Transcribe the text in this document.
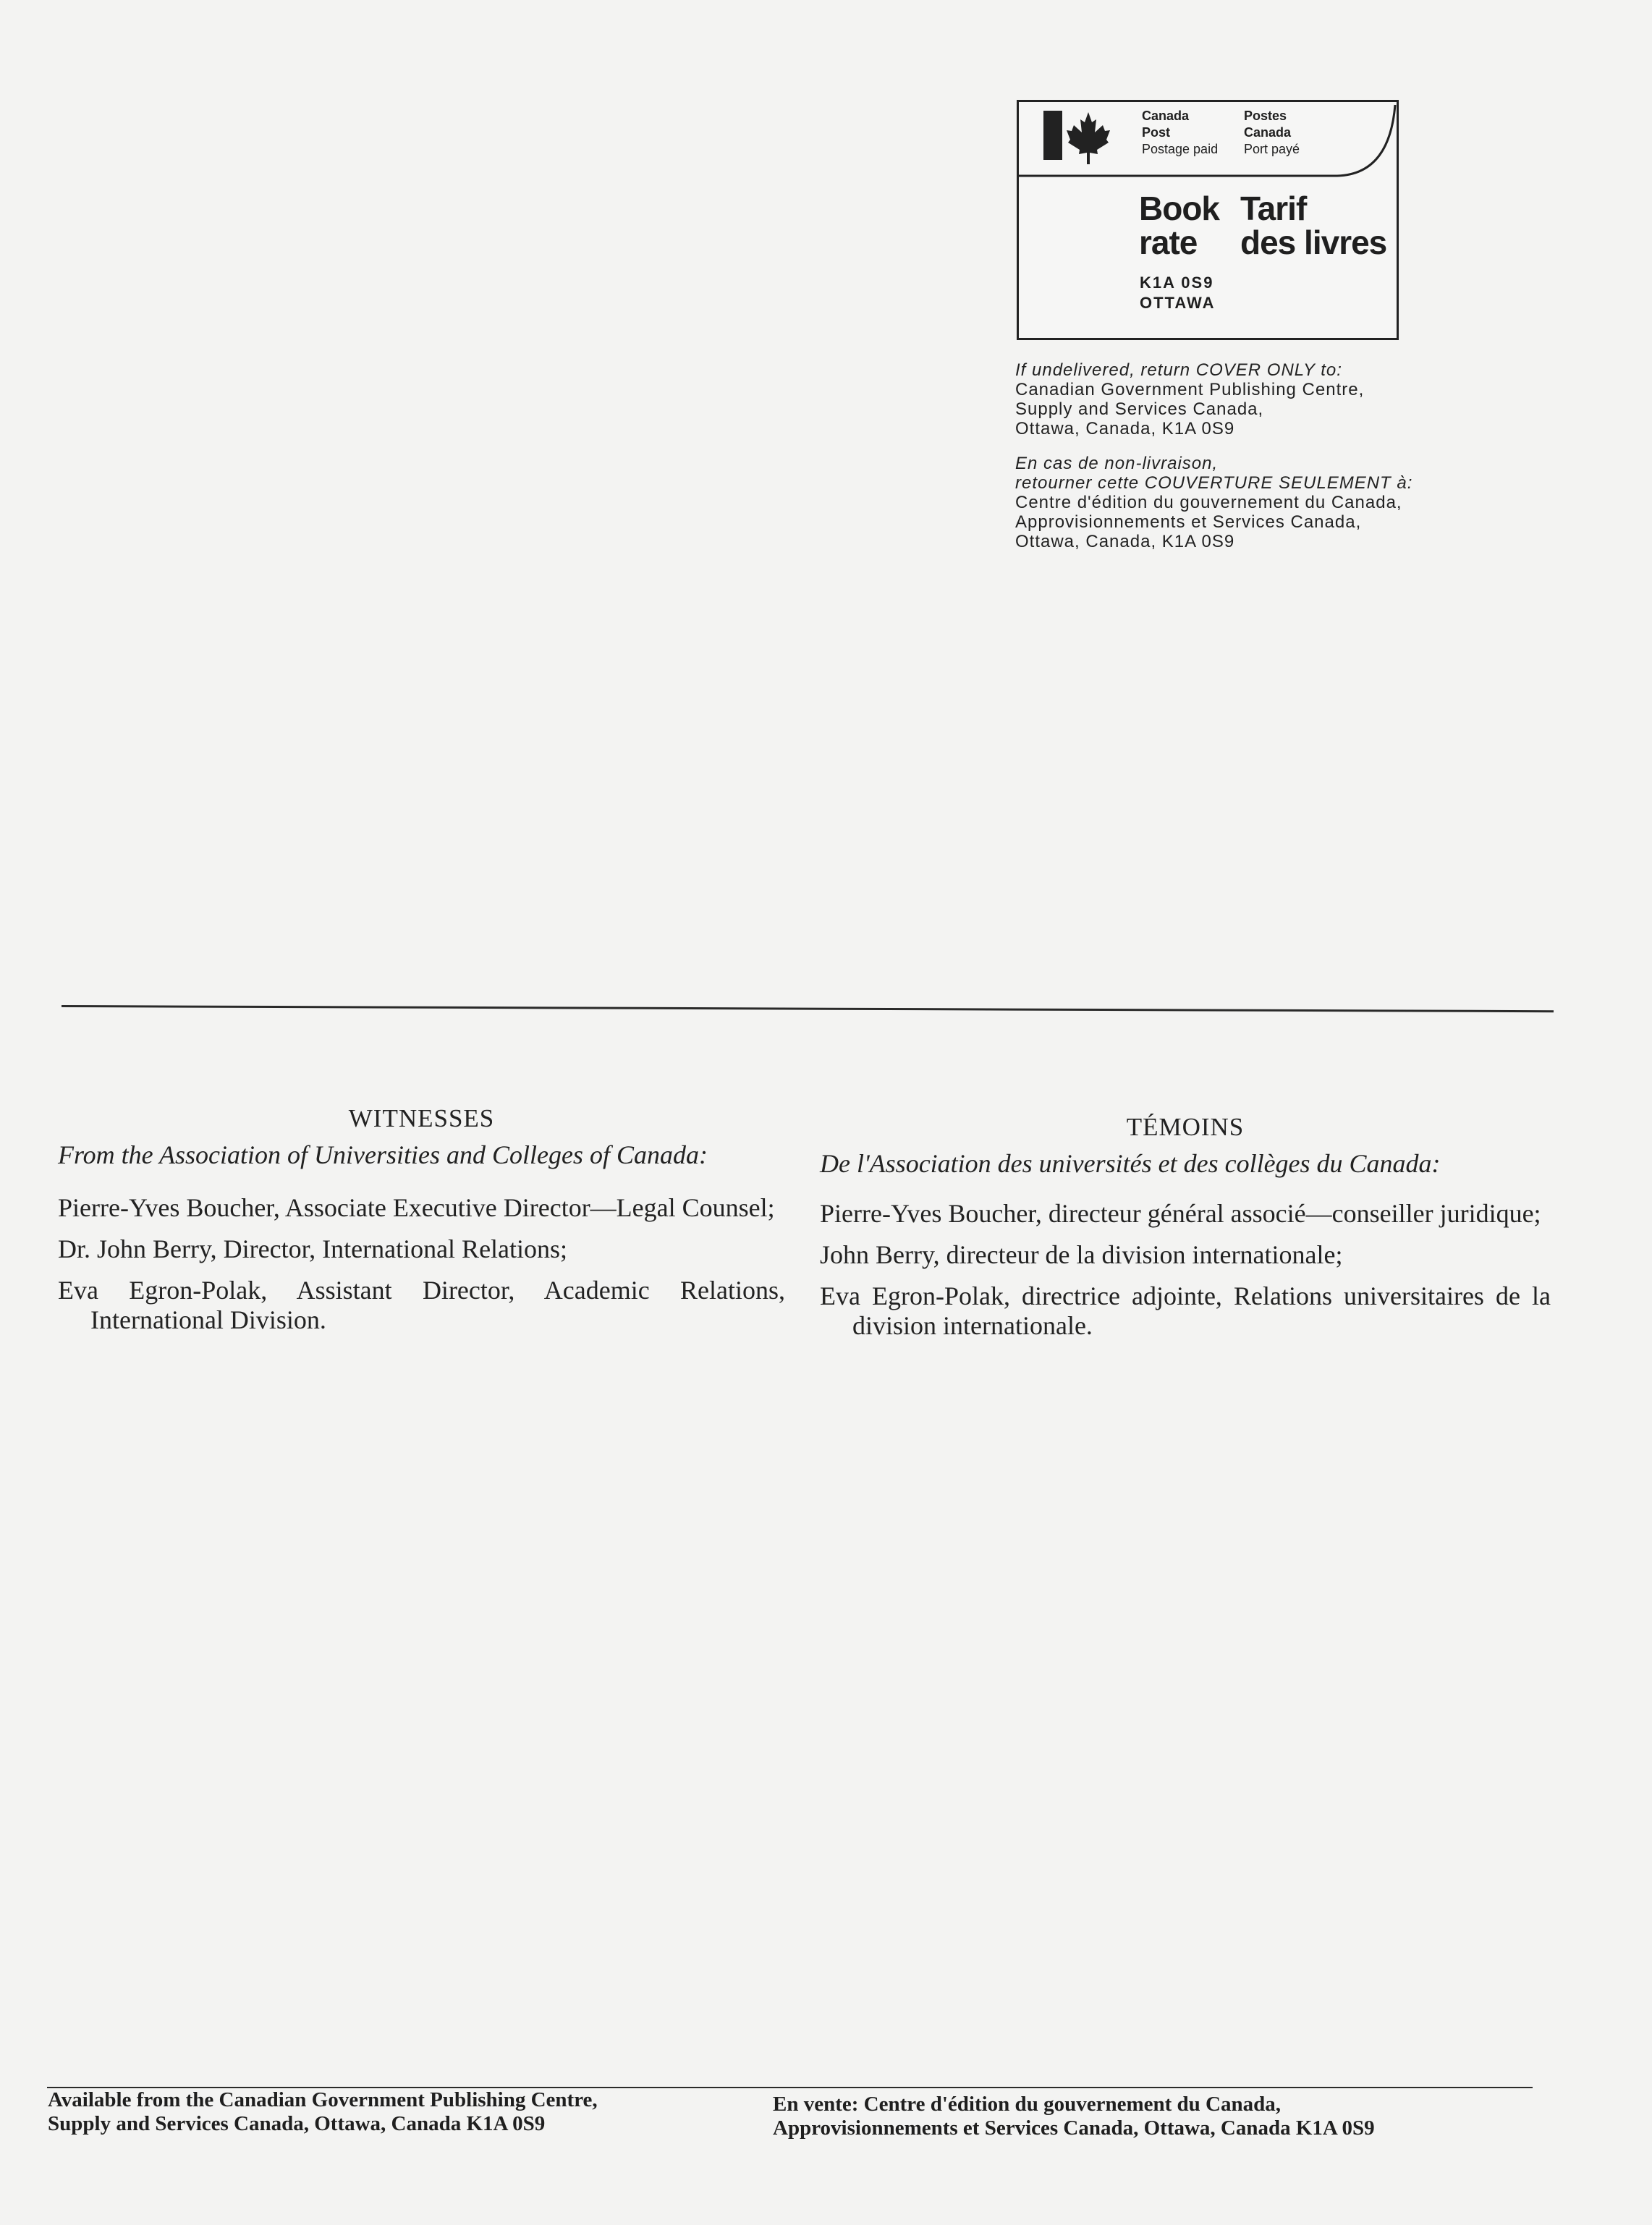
Canada
Post
Postage paid
Postes
Canada
Port payé
Book
rate
Tarif
des livres
K1A 0S9
OTTAWA
If undelivered, return COVER ONLY to:
Canadian Government Publishing Centre,
Supply and Services Canada,
Ottawa, Canada, K1A 0S9
En cas de non-livraison,
retourner cette COUVERTURE SEULEMENT à:
Centre d'édition du gouvernement du Canada,
Approvisionnements et Services Canada,
Ottawa, Canada, K1A 0S9
WITNESSES
From the Association of Universities and Colleges of Canada:
Pierre-Yves Boucher, Associate Executive Director—Legal Counsel;
Dr. John Berry, Director, International Relations;
Eva Egron-Polak, Assistant Director, Academic Relations, International Division.
TÉMOINS
De l'Association des universités et des collèges du Canada:
Pierre-Yves Boucher, directeur général associé—conseiller juridique;
John Berry, directeur de la division internationale;
Eva Egron-Polak, directrice adjointe, Relations universitaires de la division internationale.
Available from the Canadian Government Publishing Centre,
Supply and Services Canada, Ottawa, Canada K1A 0S9
En vente: Centre d'édition du gouvernement du Canada,
Approvisionnements et Services Canada, Ottawa, Canada K1A 0S9
